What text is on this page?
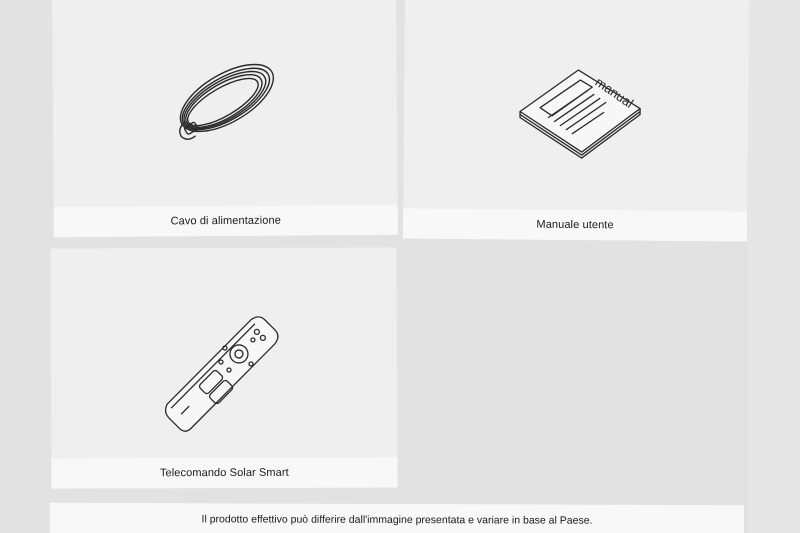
Cavo di alimentazione
manual
Manuale utente
Telecomando Solar Smart
Il prodotto effettivo può differire dall'immagine presentata e variare in base al Paese.
